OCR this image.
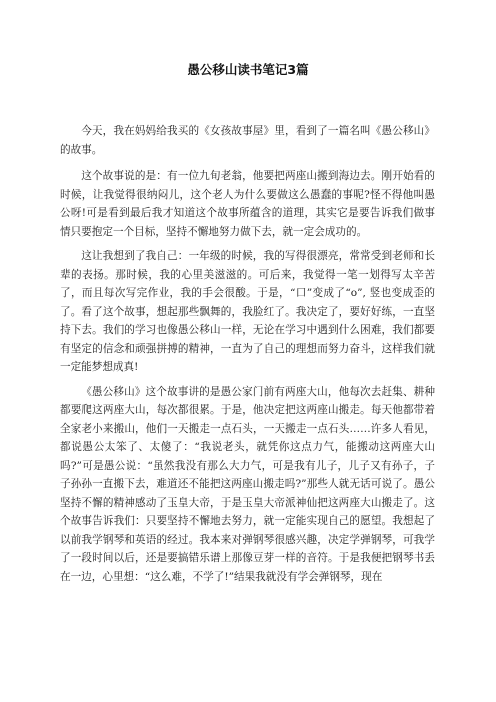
愚公移山读书笔记3篇

今天，我在妈妈给我买的《女孩故事屋》里，看到了一篇名叫《愚公移山》的故事。

这个故事说的是：有一位九旬老翁，他要把两座山搬到海边去。刚开始看的时候，让我觉得很纳闷儿，这个老人为什么要做这么愚蠢的事呢?怪不得他叫愚公呀!可是看到最后我才知道这个故事所蕴含的道理，其实它是要告诉我们做事情只要抱定一个目标，坚持不懈地努力做下去，就一定会成功的。

这让我想到了我自己：一年级的时候，我的写得很漂亮，常常受到老师和长辈的表扬。那时候，我的心里美滋滋的。可后来，我觉得一笔一划得写太辛苦了，而且每次写完作业，我的手会很酸。于是，“口”变成了“o”, 竖也变成歪的了。看了这个故事，想起那些飘舞的，我脸红了。我决定了，要好好练，一直坚持下去。我们的学习也像愚公移山一样，无论在学习中遇到什么困难，我们都要有坚定的信念和顽强拼搏的精神，一直为了自己的理想而努力奋斗，这样我们就一定能梦想成真!

《愚公移山》这个故事讲的是愚公家门前有两座大山，他每次去赶集、耕种都要爬这两座大山，每次都很累。于是，他决定把这两座山搬走。每天他都带着全家老小来搬山，他们一天搬走一点石头，一天搬走一点石头……许多人看见，都说愚公太笨了、太傻了：“我说老头，就凭你这点力气，能搬动这两座大山吗?”可是愚公说：“虽然我没有那么大力气，可是我有儿子，儿子又有孙子，子子孙孙一直搬下去，难道还不能把这两座山搬走吗?”那些人就无话可说了。愚公坚持不懈的精神感动了玉皇大帝，于是玉皇大帝派神仙把这两座大山搬走了。这个故事告诉我们：只要坚持不懈地去努力，就一定能实现自己的愿望。我想起了以前我学钢琴和英语的经过。我本来对弹钢琴很感兴趣，决定学弹钢琴，可我学了一段时间以后，还是要搞错乐谱上那像豆芽一样的音符。于是我便把钢琴书丢在一边，心里想：“这么难，不学了!”结果我就没有学会弹钢琴，现在
